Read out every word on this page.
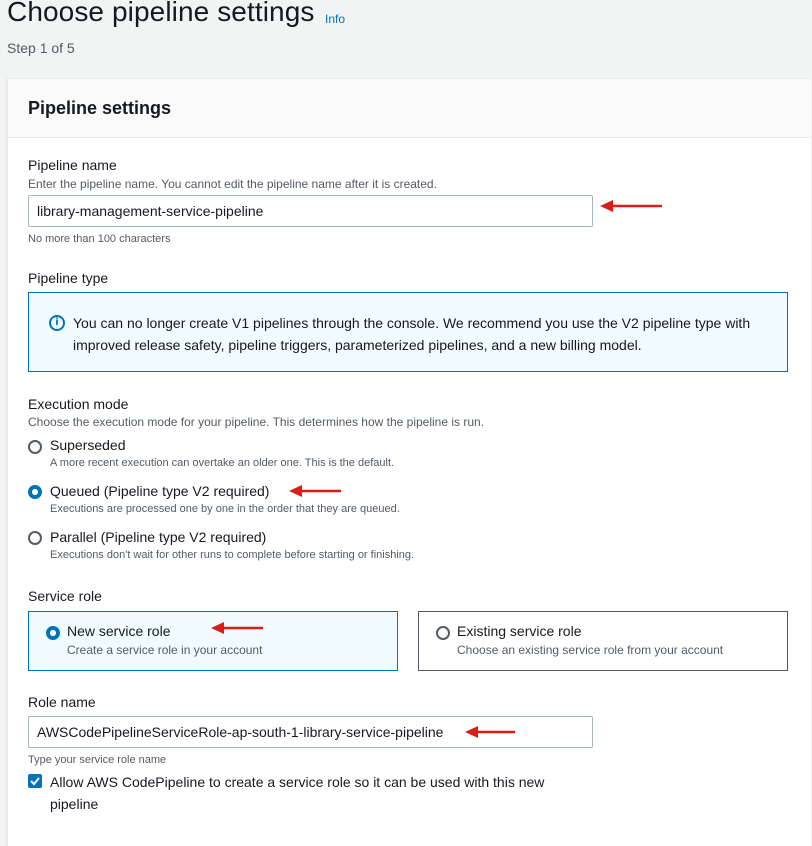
Choose pipeline settings Info
Step 1 of 5
Pipeline settings
Pipeline name
Enter the pipeline name. You cannot edit the pipeline name after it is created.
library-management-service-pipeline
No more than 100 characters
Pipeline type
i	You can no longer create V1 pipelines through the console. We recommend you use the V2 pipeline type with improved release safety, pipeline triggers, parameterized pipelines, and a new billing model.
Execution mode
Choose the execution mode for your pipeline. This determines how the pipeline is run.
Superseded
A more recent execution can overtake an older one. This is the default.
Queued (Pipeline type V2 required)
Executions are processed one by one in the order that they are queued.
Parallel (Pipeline type V2 required)
Executions don't wait for other runs to complete before starting or finishing.
Service role
New service role
Create a service role in your account
Existing service role
Choose an existing service role from your account
Role name
AWSCodePipelineServiceRole-ap-south-1-library-service-pipeline
Type your service role name
Allow AWS CodePipeline to create a service role so it can be used with this new pipeline
